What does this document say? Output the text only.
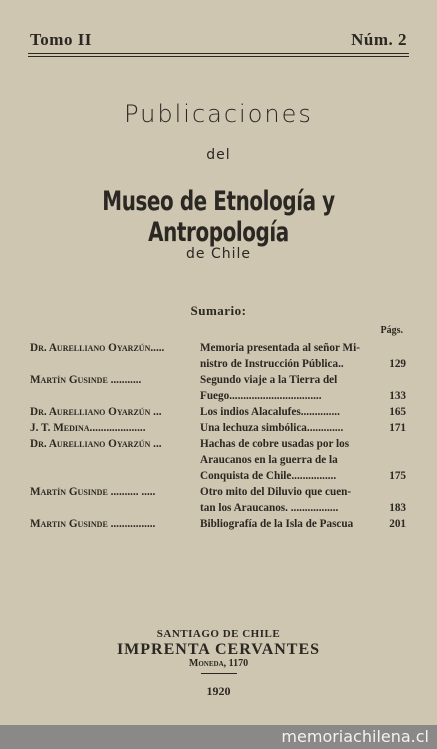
Tomo II	Núm. 2
Publicaciones
del
Museo de Etnología y Antropología
de Chile
Sumario:
Págs.
Dr. Aurelliano Oyarzún.....	Memoria presentada al señor Mi-
nistro de Instrucción Pública..	129
Martín Gusinde ...........	Segundo viaje a la Tierra del
Fuego.................................	133
Dr. Aurelliano Oyarzún ...	Los indios Alacalufes..............	165
J. T. Medina....................	Una lechuza simbólica.............	171
Dr. Aurelliano Oyarzún ...	Hachas de cobre usadas por los
Araucanos en la guerra de la
Conquista de Chile................	175
Martín Gusinde .......... .....	Otro mito del Diluvio que cuen-
tan los Araucanos. .................	183
Martin Gusinde ................	Bibliografía de la Isla de Pascua	201
SANTIAGO DE CHILE
IMPRENTA CERVANTES
Moneda, 1170
1920
memoriachilena.cl
